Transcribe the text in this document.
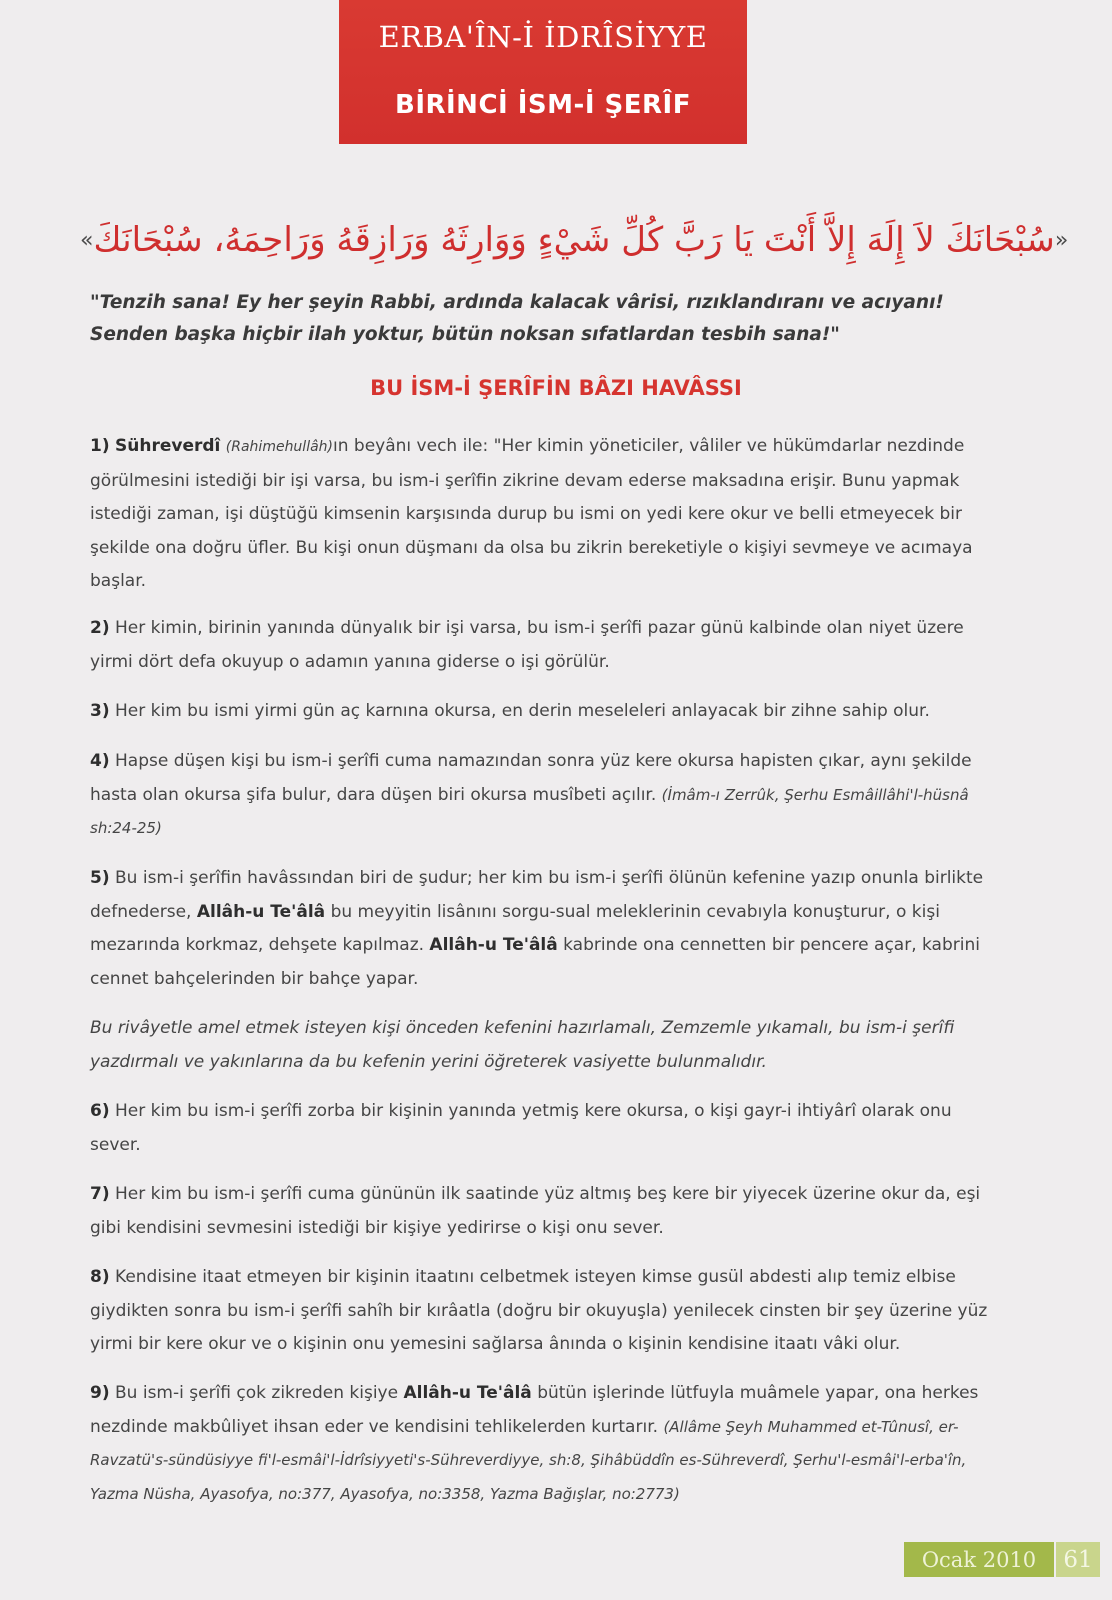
ERBA'ÎN-İ İDRÎSİYYE
BİRİNCİ İSM-İ ŞERÎF
« سُبْحَانَكَ لاَ إِلَهَ إِلاَّ أَنْتَ يَا رَبَّ كُلِّ شَيْءٍ وَوَارِثَهُ وَرَازِقَهُ وَرَاحِمَهُ، سُبْحَانَكَ »
"Tenzih sana! Ey her şeyin Rabbi, ardında kalacak vârisi, rızıklandıranı ve acıyanı! Senden başka hiçbir ilah yoktur, bütün noksan sıfatlardan tesbih sana!"
BU İSM-İ ŞERÎFİN BÂZI HAVÂSSI
1) Sühreverdî (Rahimehullâh)ın beyânı vech ile: "Her kimin yöneticiler, vâliler ve hükümdarlar nezdinde görülmesini istediği bir işi varsa, bu ism-i şerîfin zikrine devam ederse maksadına erişir. Bunu yapmak istediği zaman, işi düştüğü kimsenin karşısında durup bu ismi on yedi kere okur ve belli etmeyecek bir şekilde ona doğru üfler. Bu kişi onun düşmanı da olsa bu zikrin bereketiyle o kişiyi sevmeye ve acımaya başlar.
2) Her kimin, birinin yanında dünyalık bir işi varsa, bu ism-i şerîfi pazar günü kalbinde olan niyet üzere yirmi dört defa okuyup o adamın yanına giderse o işi görülür.
3) Her kim bu ismi yirmi gün aç karnına okursa, en derin meseleleri anlayacak bir zihne sahip olur.
4) Hapse düşen kişi bu ism-i şerîfi cuma namazından sonra yüz kere okursa hapisten çıkar, aynı şekilde hasta olan okursa şifa bulur, dara düşen biri okursa musîbeti açılır. (İmâm-ı Zerrûk, Şerhu Esmâillâhi'l-hüsnâ sh:24-25)
5) Bu ism-i şerîfin havâssından biri de şudur; her kim bu ism-i şerîfi ölünün kefenine yazıp onunla birlikte defnederse, Allâh-u Te'âlâ bu meyyitin lisânını sorgu-sual meleklerinin cevabıyla konuşturur, o kişi mezarında korkmaz, dehşete kapılmaz. Allâh-u Te'âlâ kabrinde ona cennetten bir pencere açar, kabrini cennet bahçelerinden bir bahçe yapar.
Bu rivâyetle amel etmek isteyen kişi önceden kefenini hazırlamalı, Zemzemle yıkamalı, bu ism-i şerîfi yazdırmalı ve yakınlarına da bu kefenin yerini öğreterek vasiyette bulunmalıdır.
6) Her kim bu ism-i şerîfi zorba bir kişinin yanında yetmiş kere okursa, o kişi gayr-i ihtiyârî olarak onu sever.
7) Her kim bu ism-i şerîfi cuma gününün ilk saatinde yüz altmış beş kere bir yiyecek üzerine okur da, eşi gibi kendisini sevmesini istediği bir kişiye yedirirse o kişi onu sever.
8) Kendisine itaat etmeyen bir kişinin itaatını celbetmek isteyen kimse gusül abdesti alıp temiz elbise giydikten sonra bu ism-i şerîfi sahîh bir kırâatla (doğru bir okuyuşla) yenilecek cinsten bir şey üzerine yüz yirmi bir kere okur ve o kişinin onu yemesini sağlarsa ânında o kişinin kendisine itaatı vâki olur.
9) Bu ism-i şerîfi çok zikreden kişiye Allâh-u Te'âlâ bütün işlerinde lütfuyla muâmele yapar, ona herkes nezdinde makbûliyet ihsan eder ve kendisini tehlikelerden kurtarır. (Allâme Şeyh Muhammed et-Tûnusî, er-Ravzatü's-sündüsiyye fi'l-esmâi'l-İdrîsiyyeti's-Sühreverdiyye, sh:8, Şihâbüddîn es-Sühreverdî, Şerhu'l-esmâi'l-erba'în, Yazma Nüsha, Ayasofya, no:377, Ayasofya, no:3358, Yazma Bağışlar, no:2773)
Ocak 2010	61
